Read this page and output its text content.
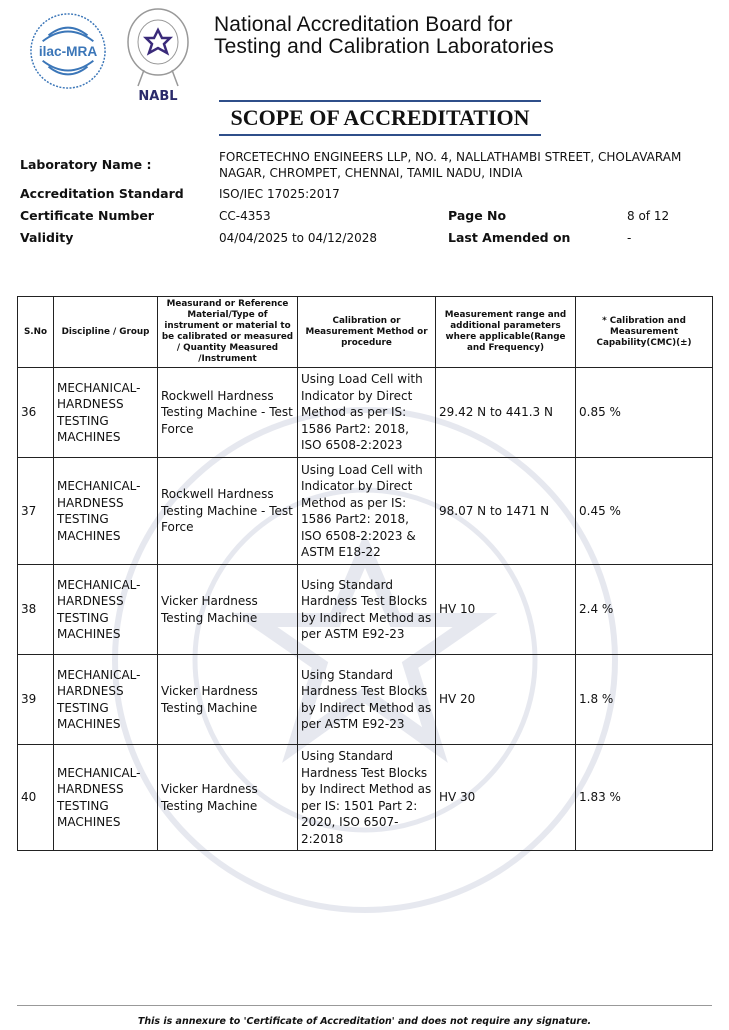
ilac-MRA
NABL
National Accreditation Board for
Testing and Calibration Laboratories
SCOPE OF ACCREDITATION
Laboratory Name :	FORCETECHNO ENGINEERS LLP, NO. 4, NALLATHAMBI STREET, CHOLAVARAM
NAGAR, CHROMPET, CHENNAI, TAMIL NADU, INDIA
Accreditation Standard	ISO/IEC 17025:2017
Certificate Number	CC-4353	Page No	8 of 12
Validity	04/04/2025 to 04/12/2028	Last Amended on	-
S.No	Discipline / Group	Measurand or Reference Material/Type of instrument or material to be calibrated or measured / Quantity Measured /Instrument	Calibration or Measurement Method or procedure	Measurement range and additional parameters where applicable(Range and Frequency)	* Calibration and Measurement Capability(CMC)(±)
36	MECHANICAL- HARDNESS TESTING MACHINES	Rockwell Hardness Testing Machine - Test Force	Using Load Cell with Indicator by Direct Method as per IS: 1586 Part2: 2018, ISO 6508-2:2023	29.42 N to 441.3 N	0.85 %
37	MECHANICAL- HARDNESS TESTING MACHINES	Rockwell Hardness Testing Machine - Test Force	Using Load Cell with Indicator by Direct Method as per IS: 1586 Part2: 2018, ISO 6508-2:2023 & ASTM E18-22	98.07 N to 1471 N	0.45 %
38	MECHANICAL- HARDNESS TESTING MACHINES	Vicker Hardness Testing Machine	Using Standard Hardness Test Blocks by Indirect Method as per ASTM E92-23	HV 10	2.4 %
39	MECHANICAL- HARDNESS TESTING MACHINES	Vicker Hardness Testing Machine	Using Standard Hardness Test Blocks by Indirect Method as per ASTM E92-23	HV 20	1.8 %
40	MECHANICAL- HARDNESS TESTING MACHINES	Vicker Hardness Testing Machine	Using Standard Hardness Test Blocks by Indirect Method as per IS: 1501 Part 2: 2020, ISO 6507-2:2018	HV 30	1.83 %
This is annexure to 'Certificate of Accreditation' and does not require any signature.
